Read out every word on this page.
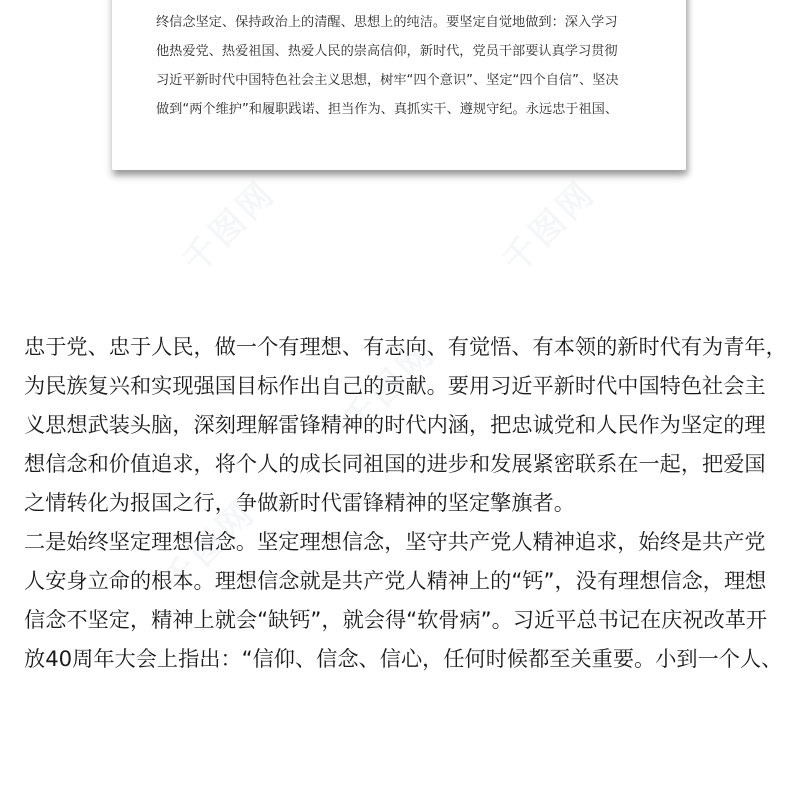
终信念坚定、保持政治上的清醒、思想上的纯洁。要坚定自觉地做到：深入学习
他热爱党、热爱祖国、热爱人民的崇高信仰，新时代，党员干部要认真学习贯彻
习近平新时代中国特色社会主义思想，树牢“四个意识”、坚定“四个自信”、坚决
做到“两个维护”和履职践诺、担当作为、真抓实干、遵规守纪。永远忠于祖国、
千图网	千图网
千图网
千图网
忠于党、忠于人民，做一个有理想、有志向、有觉悟、有本领的新时代有为青年，
为民族复兴和实现强国目标作出自己的贡献。要用习近平新时代中国特色社会主
义思想武装头脑，深刻理解雷锋精神的时代内涵，把忠诚党和人民作为坚定的理
想信念和价值追求，将个人的成长同祖国的进步和发展紧密联系在一起，把爱国
之情转化为报国之行，争做新时代雷锋精神的坚定擎旗者。
二是始终坚定理想信念。坚定理想信念，坚守共产党人精神追求，始终是共产党
人安身立命的根本。理想信念就是共产党人精神上的“钙”，没有理想信念，理想
信念不坚定，精神上就会“缺钙”，就会得“软骨病”。习近平总书记在庆祝改革开
放40周年大会上指出：“信仰、信念、信心，任何时候都至关重要。小到一个人、
